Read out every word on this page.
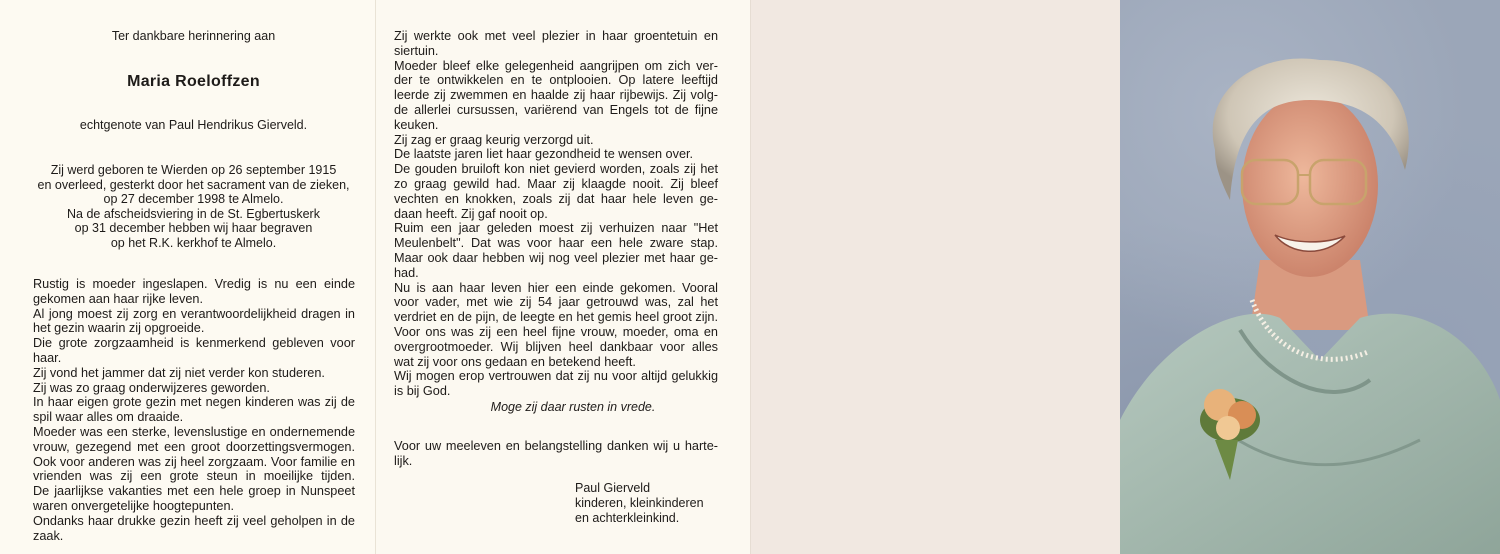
Ter dankbare herinnering aan
Maria Roeloffzen
echtgenote van Paul Hendrikus Gierveld.
Zij werd geboren te Wierden op 26 september 1915
en overleed, gesterkt door het sacrament van de zieken,
op 27 december 1998 te Almelo.
Na de afscheidsviering in de St. Egbertuskerk
op 31 december hebben wij haar begraven
op het R.K. kerkhof te Almelo.
Rustig is moeder ingeslapen. Vredig is nu een einde
gekomen aan haar rijke leven.
Al jong moest zij zorg en verantwoordelijkheid dragen in
het gezin waarin zij opgroeide.
Die grote zorgzaamheid is kenmerkend gebleven voor
haar.
Zij vond het jammer dat zij niet verder kon studeren.
Zij was zo graag onderwijzeres geworden.
In haar eigen grote gezin met negen kinderen was zij de
spil waar alles om draaide.
Moeder was een sterke, levenslustige en ondernemende
vrouw, gezegend met een groot doorzettingsvermogen.
Ook voor anderen was zij heel zorgzaam. Voor familie en
vrienden was zij een grote steun in moeilijke tijden.
De jaarlijkse vakanties met een hele groep in Nunspeet
waren onvergetelijke hoogtepunten.
Ondanks haar drukke gezin heeft zij veel geholpen in de
zaak.
Zij werkte ook met veel plezier in haar groentetuin en
siertuin.
Moeder bleef elke gelegenheid aangrijpen om zich ver-
der te ontwikkelen en te ontplooien. Op latere leeftijd
leerde zij zwemmen en haalde zij haar rijbewijs. Zij volg-
de allerlei cursussen, variërend van Engels tot de fijne
keuken.
Zij zag er graag keurig verzorgd uit.
De laatste jaren liet haar gezondheid te wensen over.
De gouden bruiloft kon niet gevierd worden, zoals zij het
zo graag gewild had. Maar zij klaagde nooit. Zij bleef
vechten en knokken, zoals zij dat haar hele leven ge-
daan heeft. Zij gaf nooit op.
Ruim een jaar geleden moest zij verhuizen naar "Het
Meulenbelt". Dat was voor haar een hele zware stap.
Maar ook daar hebben wij nog veel plezier met haar ge-
had.
Nu is aan haar leven hier een einde gekomen. Vooral
voor vader, met wie zij 54 jaar getrouwd was, zal het
verdriet en de pijn, de leegte en het gemis heel groot zijn.
Voor ons was zij een heel fijne vrouw, moeder, oma en
overgrootmoeder. Wij blijven heel dankbaar voor alles
wat zij voor ons gedaan en betekend heeft.
Wij mogen erop vertrouwen dat zij nu voor altijd gelukkig
is bij God.
Moge zij daar rusten in vrede.
Voor uw meeleven en belangstelling danken wij u harte-
lijk.
Paul Gierveld
kinderen, kleinkinderen
en achterkleinkind.
